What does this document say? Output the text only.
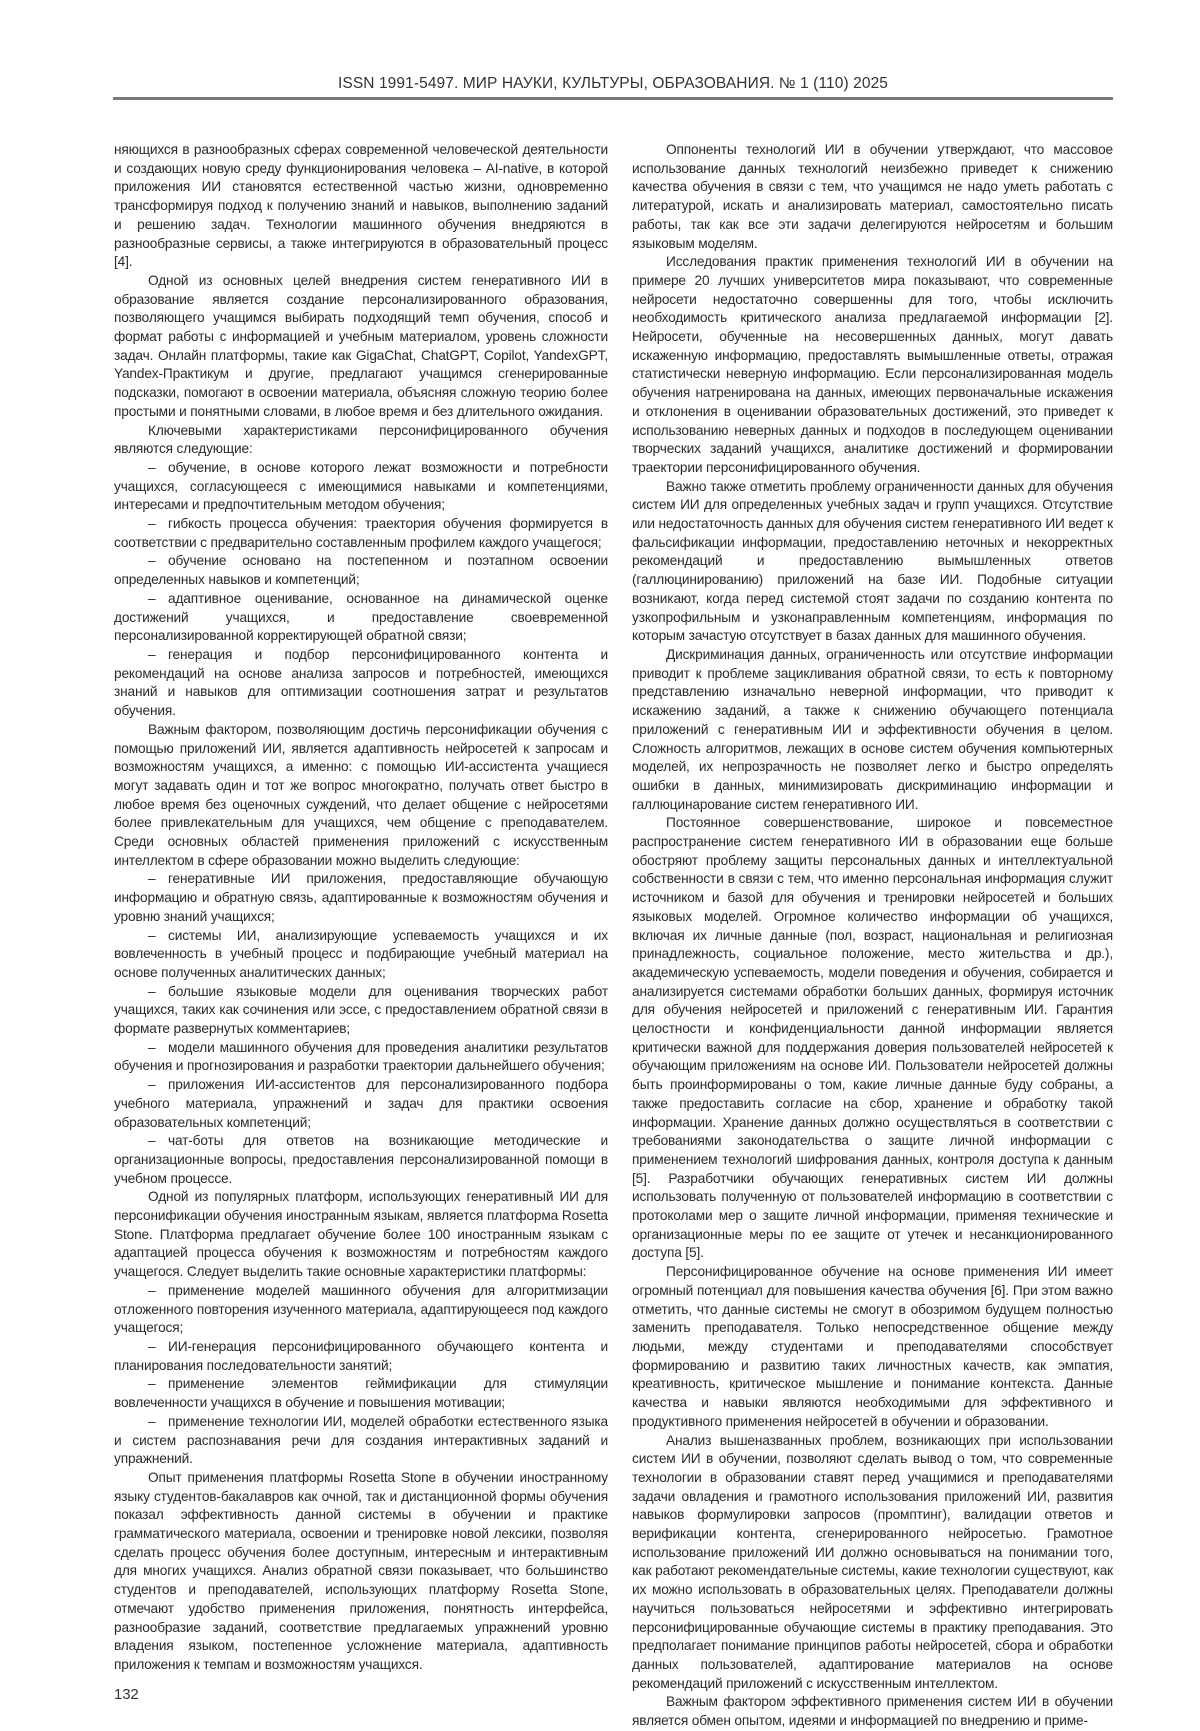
ISSN 1991-5497. МИР НАУКИ, КУЛЬТУРЫ, ОБРАЗОВАНИЯ. № 1 (110) 2025

няющихся в разнообразных сферах современной человеческой деятельности и создающих новую среду функционирования человека – AI-native, в которой приложения ИИ становятся естественной частью жизни, одновременно трансформируя подход к получению знаний и навыков, выполнению заданий и решению задач. Технологии машинного обучения внедряются в разнообразные сервисы, а также интегрируются в образовательный процесс [4].

Одной из основных целей внедрения систем генеративного ИИ в образование является создание персонализированного образования, позволяющего учащимся выбирать подходящий темп обучения, способ и формат работы с информацией и учебным материалом, уровень сложности задач. Онлайн платформы, такие как GigaChat, ChatGPT, Copilot, YandexGPT, Yandex-Практикум и другие, предлагают учащимся сгенерированные подсказки, помогают в освоении материала, объясняя сложную теорию более простыми и понятными словами, в любое время и без длительного ожидания.

Ключевыми характеристиками персонифицированного обучения являются следующие:

– обучение, в основе которого лежат возможности и потребности учащихся, согласующееся с имеющимися навыками и компетенциями, интересами и предпочтительным методом обучения;

– гибкость процесса обучения: траектория обучения формируется в соответствии с предварительно составленным профилем каждого учащегося;

– обучение основано на постепенном и поэтапном освоении определенных навыков и компетенций;

– адаптивное оценивание, основанное на динамической оценке достижений учащихся, и предоставление своевременной персонализированной корректирующей обратной связи;

– генерация и подбор персонифицированного контента и рекомендаций на основе анализа запросов и потребностей, имеющихся знаний и навыков для оптимизации соотношения затрат и результатов обучения.

Важным фактором, позволяющим достичь персонификации обучения с помощью приложений ИИ, является адаптивность нейросетей к запросам и возможностям учащихся, а именно: с помощью ИИ-ассистента учащиеся могут задавать один и тот же вопрос многократно, получать ответ быстро в любое время без оценочных суждений, что делает общение с нейросетями более привлекательным для учащихся, чем общение с преподавателем. Среди основных областей применения приложений с искусственным интеллектом в сфере образовании можно выделить следующие:

– генеративные ИИ приложения, предоставляющие обучающую информацию и обратную связь, адаптированные к возможностям обучения и уровню знаний учащихся;

– системы ИИ, анализирующие успеваемость учащихся и их вовлеченность в учебный процесс и подбирающие учебный материал на основе полученных аналитических данных;

– большие языковые модели для оценивания творческих работ учащихся, таких как сочинения или эссе, с предоставлением обратной связи в формате развернутых комментариев;

– модели машинного обучения для проведения аналитики результатов обучения и прогнозирования и разработки траектории дальнейшего обучения;

– приложения ИИ-ассистентов для персонализированного подбора учебного материала, упражнений и задач для практики освоения образовательных компетенций;

– чат-боты для ответов на возникающие методические и организационные вопросы, предоставления персонализированной помощи в учебном процессе.

Одной из популярных платформ, использующих генеративный ИИ для персонификации обучения иностранным языкам, является платформа Rosetta Stone. Платформа предлагает обучение более 100 иностранным языкам с адаптацией процесса обучения к возможностям и потребностям каждого учащегося. Следует выделить такие основные характеристики платформы:

– применение моделей машинного обучения для алгоритмизации отложенного повторения изученного материала, адаптирующееся под каждого учащегося;

– ИИ-генерация персонифицированного обучающего контента и планирования последовательности занятий;

– применение элементов геймификации для стимуляции вовлеченности учащихся в обучение и повышения мотивации;

– применение технологии ИИ, моделей обработки естественного языка и систем распознавания речи для создания интерактивных заданий и упражнений.

Опыт применения платформы Rosetta Stone в обучении иностранному языку студентов-бакалавров как очной, так и дистанционной формы обучения показал эффективность данной системы в обучении и практике грамматического материала, освоении и тренировке новой лексики, позволяя сделать процесс обучения более доступным, интересным и интерактивным для многих учащихся. Анализ обратной связи показывает, что большинство студентов и преподавателей, использующих платформу Rosetta Stone, отмечают удобство применения приложения, понятность интерфейса, разнообразие заданий, соответствие предлагаемых упражнений уровню владения языком, постепенное усложнение материала, адаптивность приложения к темпам и возможностям учащихся.

132

Оппоненты технологий ИИ в обучении утверждают, что массовое использование данных технологий неизбежно приведет к снижению качества обучения в связи с тем, что учащимся не надо уметь работать с литературой, искать и анализировать материал, самостоятельно писать работы, так как все эти задачи делегируются нейросетям и большим языковым моделям.

Исследования практик применения технологий ИИ в обучении на примере 20 лучших университетов мира показывают, что современные нейросети недостаточно совершенны для того, чтобы исключить необходимость критического анализа предлагаемой информации [2]. Нейросети, обученные на несовершенных данных, могут давать искаженную информацию, предоставлять вымышленные ответы, отражая статистически неверную информацию. Если персонализированная модель обучения натренирована на данных, имеющих первоначальные искажения и отклонения в оценивании образовательных достижений, это приведет к использованию неверных данных и подходов в последующем оценивании творческих заданий учащихся, аналитике достижений и формировании траектории персонифицированного обучения.

Важно также отметить проблему ограниченности данных для обучения систем ИИ для определенных учебных задач и групп учащихся. Отсутствие или недостаточность данных для обучения систем генеративного ИИ ведет к фальсификации информации, предоставлению неточных и некорректных рекомендаций и предоставлению вымышленных ответов (галлюцинированию) приложений на базе ИИ. Подобные ситуации возникают, когда перед системой стоят задачи по созданию контента по узкопрофильным и узконаправленным компетенциям, информация по которым зачастую отсутствует в базах данных для машинного обучения.

Дискриминация данных, ограниченность или отсутствие информации приводит к проблеме зацикливания обратной связи, то есть к повторному представлению изначально неверной информации, что приводит к искажению заданий, а также к снижению обучающего потенциала приложений с генеративным ИИ и эффективности обучения в целом. Сложность алгоритмов, лежащих в основе систем обучения компьютерных моделей, их непрозрачность не позволяет легко и быстро определять ошибки в данных, минимизировать дискриминацию информации и галлюцинарование систем генеративного ИИ.

Постоянное совершенствование, широкое и повсеместное распространение систем генеративного ИИ в образовании еще больше обостряют проблему защиты персональных данных и интеллектуальной собственности в связи с тем, что именно персональная информация служит источником и базой для обучения и тренировки нейросетей и больших языковых моделей. Огромное количество информации об учащихся, включая их личные данные (пол, возраст, национальная и религиозная принадлежность, социальное положение, место жительства и др.), академическую успеваемость, модели поведения и обучения, собирается и анализируется системами обработки больших данных, формируя источник для обучения нейросетей и приложений с генеративным ИИ. Гарантия целостности и конфиденциальности данной информации является критически важной для поддержания доверия пользователей нейросетей к обучающим приложениям на основе ИИ. Пользователи нейросетей должны быть проинформированы о том, какие личные данные буду собраны, а также предоставить согласие на сбор, хранение и обработку такой информации. Хранение данных должно осуществляться в соответствии с требованиями законодательства о защите личной информации с применением технологий шифрования данных, контроля доступа к данным [5]. Разработчики обучающих генеративных систем ИИ должны использовать полученную от пользователей информацию в соответствии с протоколами мер о защите личной информации, применяя технические и организационные меры по ее защите от утечек и несанкционированного доступа [5].

Персонифицированное обучение на основе применения ИИ имеет огромный потенциал для повышения качества обучения [6]. При этом важно отметить, что данные системы не смогут в обозримом будущем полностью заменить преподавателя. Только непосредственное общение между людьми, между студентами и преподавателями способствует формированию и развитию таких личностных качеств, как эмпатия, креативность, критическое мышление и понимание контекста. Данные качества и навыки являются необходимыми для эффективного и продуктивного применения нейросетей в обучении и образовании.

Анализ вышеназванных проблем, возникающих при использовании систем ИИ в обучении, позволяют сделать вывод о том, что современные технологии в образовании ставят перед учащимися и преподавателями задачи овладения и грамотного использования приложений ИИ, развития навыков формулировки запросов (промптинг), валидации ответов и верификации контента, сгенерированного нейросетью. Грамотное использование приложений ИИ должно основываться на понимании того, как работают рекомендательные системы, какие технологии существуют, как их можно использовать в образовательных целях. Преподаватели должны научиться пользоваться нейросетями и эффективно интегрировать персонифицированные обучающие системы в практику преподавания. Это предполагает понимание принципов работы нейросетей, сбора и обработки данных пользователей, адаптирование материалов на основе рекомендаций приложений с искусственным интеллектом.

Важным фактором эффективного применения систем ИИ в обучении является обмен опытом, идеями и информацией по внедрению и приме-
